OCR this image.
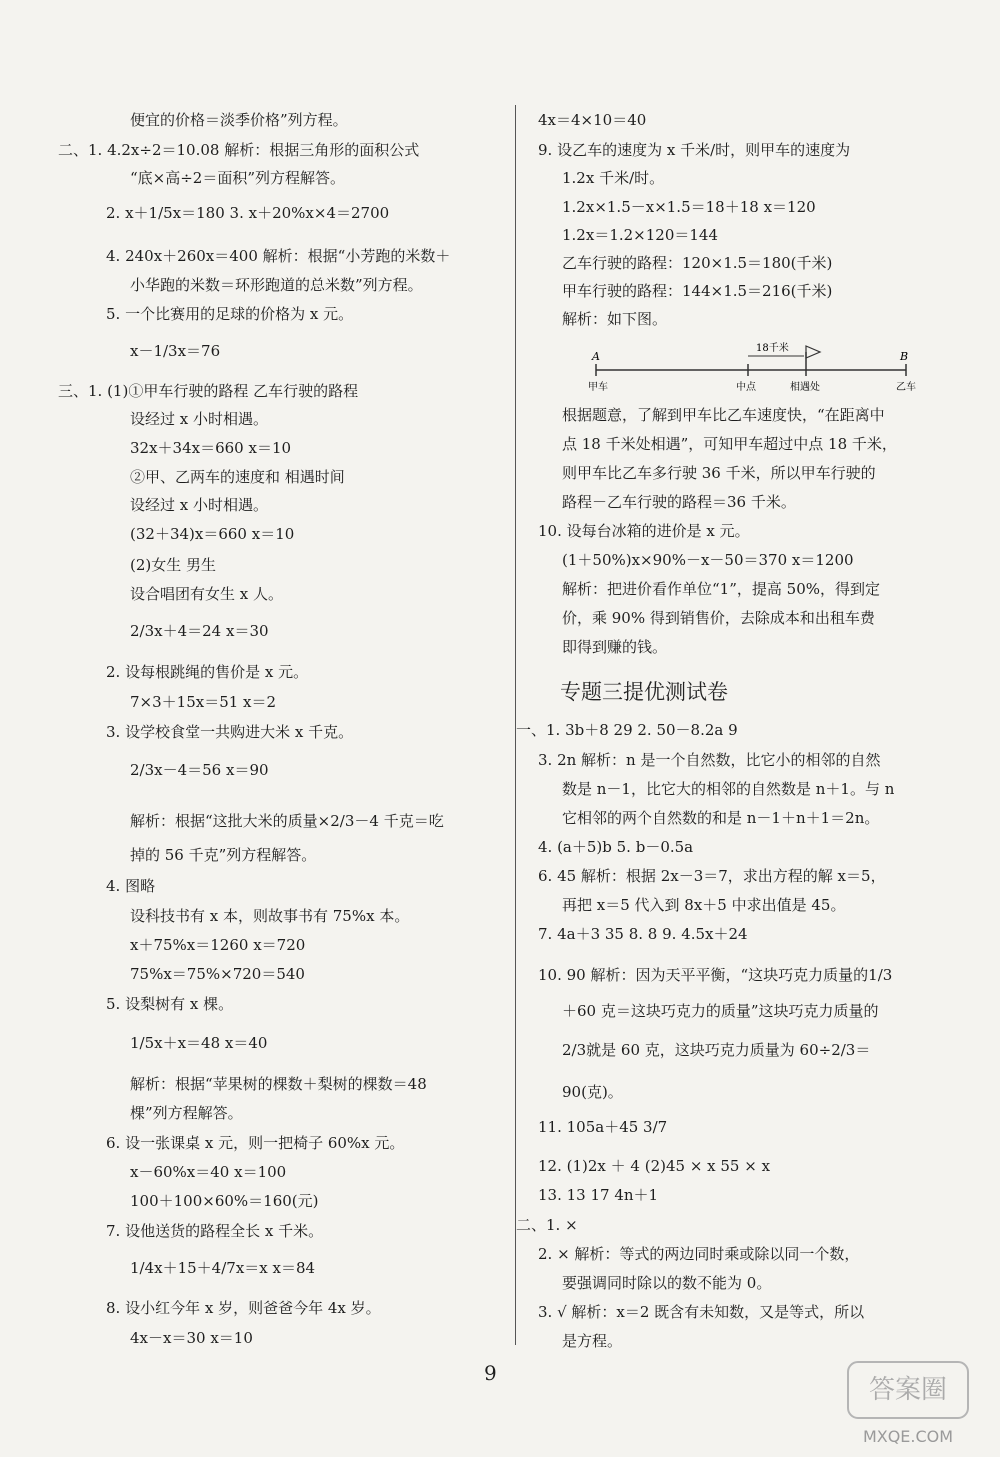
便宜的价格＝淡季价格”列方程。
二、1. 4.2x÷2＝10.08 解析：根据三角形的面积公式
“底×高÷2＝面积”列方程解答。
2. x＋1/5x＝180 3. x＋20%x×4＝2700
4. 240x＋260x＝400 解析：根据“小芳跑的米数＋
小华跑的米数＝环形跑道的总米数”列方程。
5. 一个比赛用的足球的价格为 x 元。
x－1/3x＝76
三、1. (1)①甲车行驶的路程 乙车行驶的路程
设经过 x 小时相遇。
32x＋34x＝660 x＝10
②甲、乙两车的速度和 相遇时间
设经过 x 小时相遇。
(32＋34)x＝660 x＝10
(2)女生 男生
设合唱团有女生 x 人。
2/3x＋4＝24 x＝30
2. 设每根跳绳的售价是 x 元。
7×3＋15x＝51 x＝2
3. 设学校食堂一共购进大米 x 千克。
2/3x－4＝56 x＝90
解析：根据“这批大米的质量×2/3－4 千克＝吃
掉的 56 千克”列方程解答。
4. 图略
设科技书有 x 本，则故事书有 75%x 本。
x＋75%x＝1260 x＝720
75%x＝75%×720＝540
5. 设梨树有 x 棵。
1/5x＋x＝48 x＝40
解析：根据“苹果树的棵数＋梨树的棵数＝48
棵”列方程解答。
6. 设一张课桌 x 元，则一把椅子 60%x 元。
x－60%x＝40 x＝100
100＋100×60%＝160(元)
7. 设他送货的路程全长 x 千米。
1/4x＋15＋4/7x＝x x＝84
8. 设小红今年 x 岁，则爸爸今年 4x 岁。
4x－x＝30 x＝10
4x＝4×10＝40
9. 设乙车的速度为 x 千米/时，则甲车的速度为
1.2x 千米/时。
1.2x×1.5－x×1.5＝18＋18 x＝120
1.2x＝1.2×120＝144
乙车行驶的路程：120×1.5＝180(千米)
甲车行驶的路程：144×1.5＝216(千米)
解析：如下图。
根据题意，了解到甲车比乙车速度快，“在距离中
点 18 千米处相遇”，可知甲车超过中点 18 千米，
则甲车比乙车多行驶 36 千米，所以甲车行驶的
路程－乙车行驶的路程＝36 千米。
10. 设每台冰箱的进价是 x 元。
(1＋50%)x×90%－x－50＝370 x＝1200
解析：把进价看作单位“1”，提高 50%，得到定
价，乘 90% 得到销售价，去除成本和出租车费
即得到赚的钱。
一、1. 3b＋8 29 2. 50－8.2a 9
3. 2n 解析：n 是一个自然数，比它小的相邻的自然
数是 n－1，比它大的相邻的自然数是 n＋1。与 n
它相邻的两个自然数的和是 n－1＋n＋1＝2n。
4. (a＋5)b 5. b－0.5a
6. 45 解析：根据 2x－3＝7，求出方程的解 x＝5，
再把 x＝5 代入到 8x＋5 中求出值是 45。
7. 4a＋3 35 8. 8 9. 4.5x＋24
10. 90 解析：因为天平平衡，“这块巧克力质量的1/3
＋60 克＝这块巧克力的质量”这块巧克力质量的
2/3就是 60 克，这块巧克力质量为 60÷2/3＝
90(克)。
11. 105a＋45 3/7
12. (1)2x ＋ 4 (2)45 × x 55 × x
13. 13 17 4n＋1
二、1. ×
2. × 解析：等式的两边同时乘或除以同一个数，
要强调同时除以的数不能为 0。
3. √ 解析：x＝2 既含有未知数，又是等式，所以
是方程。
A	B
甲车	中点	相遇处	乙车
18千米
专题三提优测试卷
9
答案圈
MXQE.COM
